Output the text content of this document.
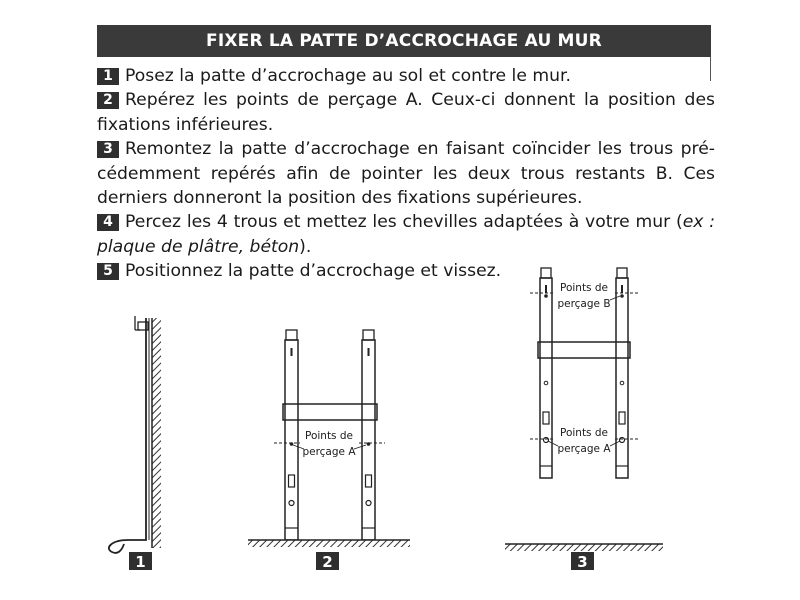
FIXER LA PATTE D’ACCROCHAGE AU MUR

1 Posez la patte d’accrochage au sol et contre le mur.

2 Repérez les points de perçage A. Ceux-ci donnent la position des fixations inférieures.

3 Remontez la patte d’accrochage en faisant coïncider les trous pré-cédemment repérés afin de pointer les deux trous restants B. Ces derniers donneront la position des fixations supérieures.

4 Percez les 4 trous et mettez les chevilles adaptées à votre mur (ex : plaque de plâtre, béton).

5 Positionnez la patte d’accrochage et vissez.

1
Points de
perçage A
2
Points de
perçage B
Points de
perçage A
3
